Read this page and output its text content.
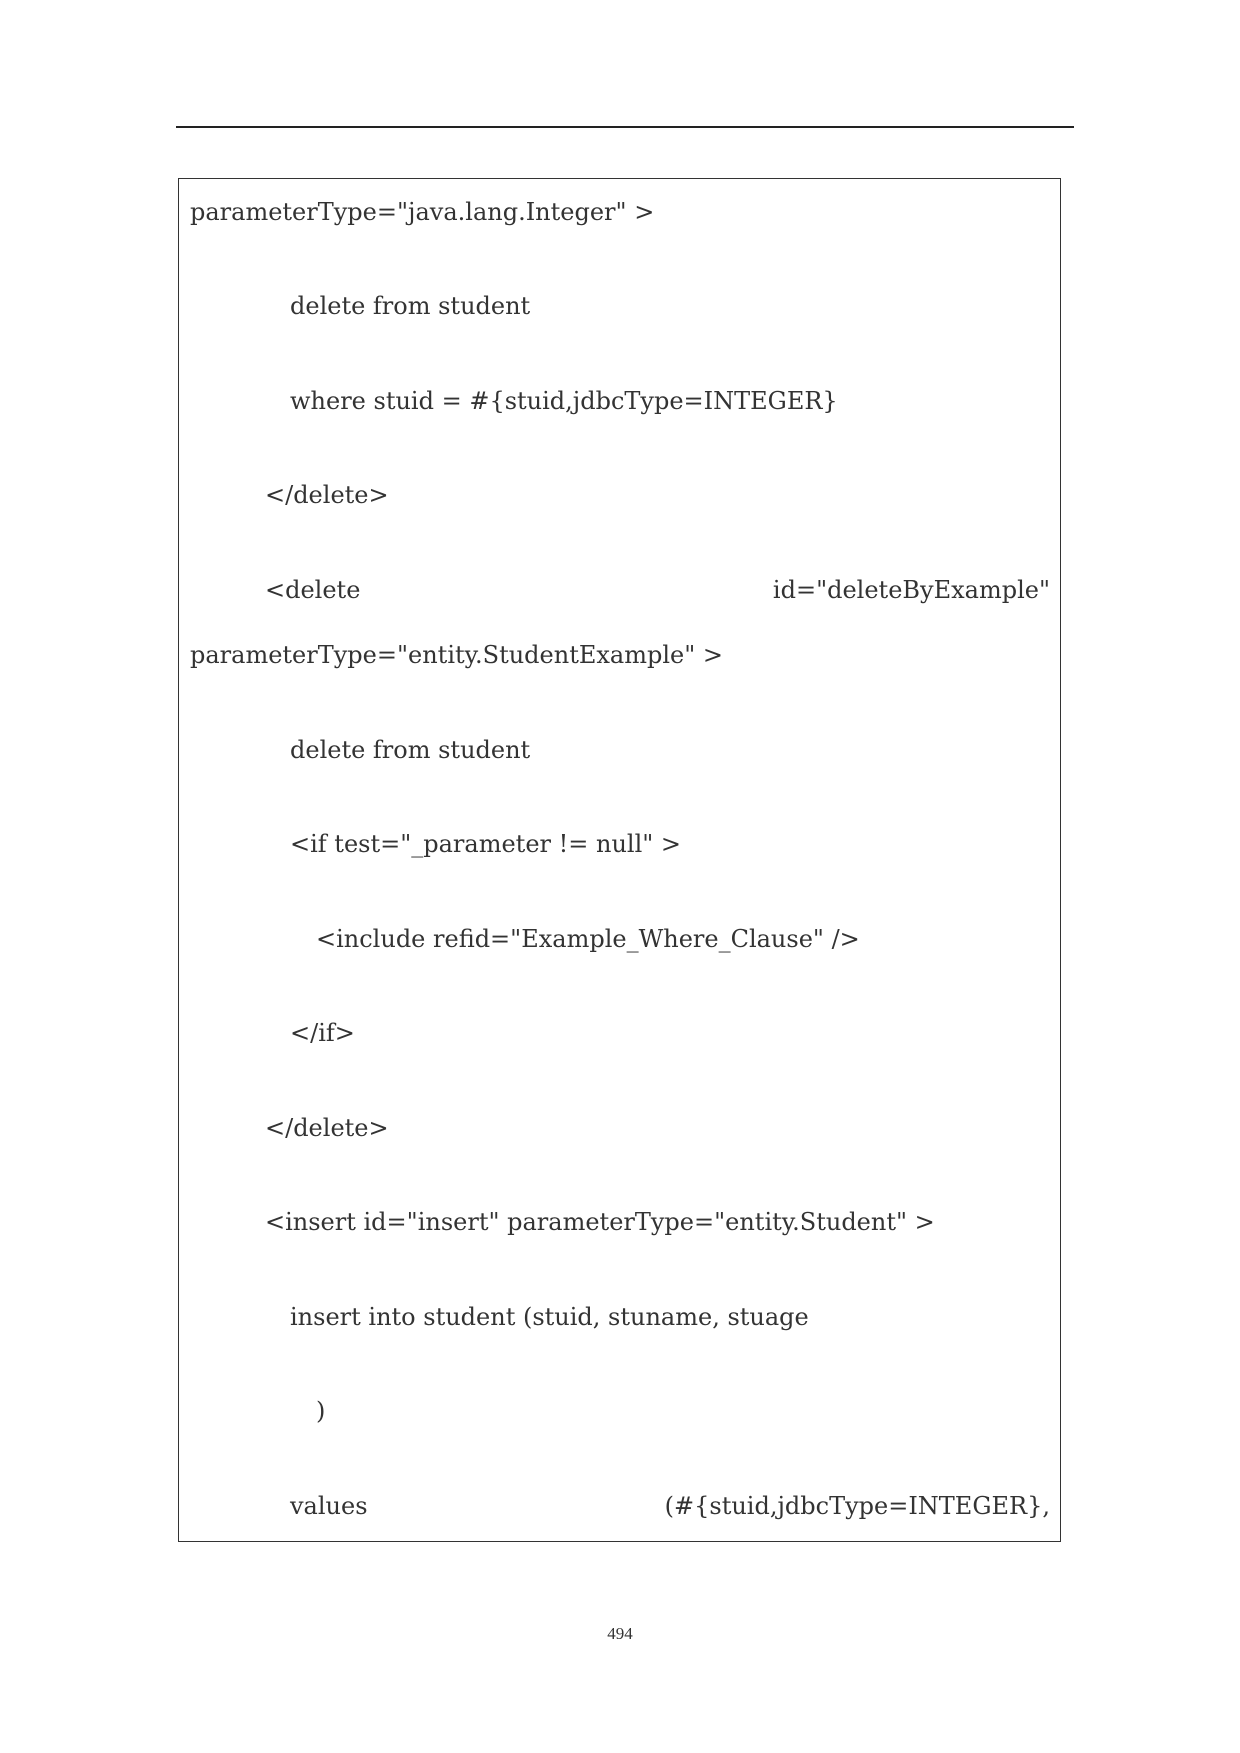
parameterType="java.lang.Integer" >
delete from student
where stuid = #{stuid,jdbcType=INTEGER}
</delete>
<delete	id="deleteByExample"
parameterType="entity.StudentExample" >
delete from student
<if test="_parameter != null" >
<include refid="Example_Where_Clause" />
</if>
</delete>
<insert id="insert" parameterType="entity.Student" >
insert into student (stuid, stuname, stuage
)
values	(#{stuid,jdbcType=INTEGER},
494
